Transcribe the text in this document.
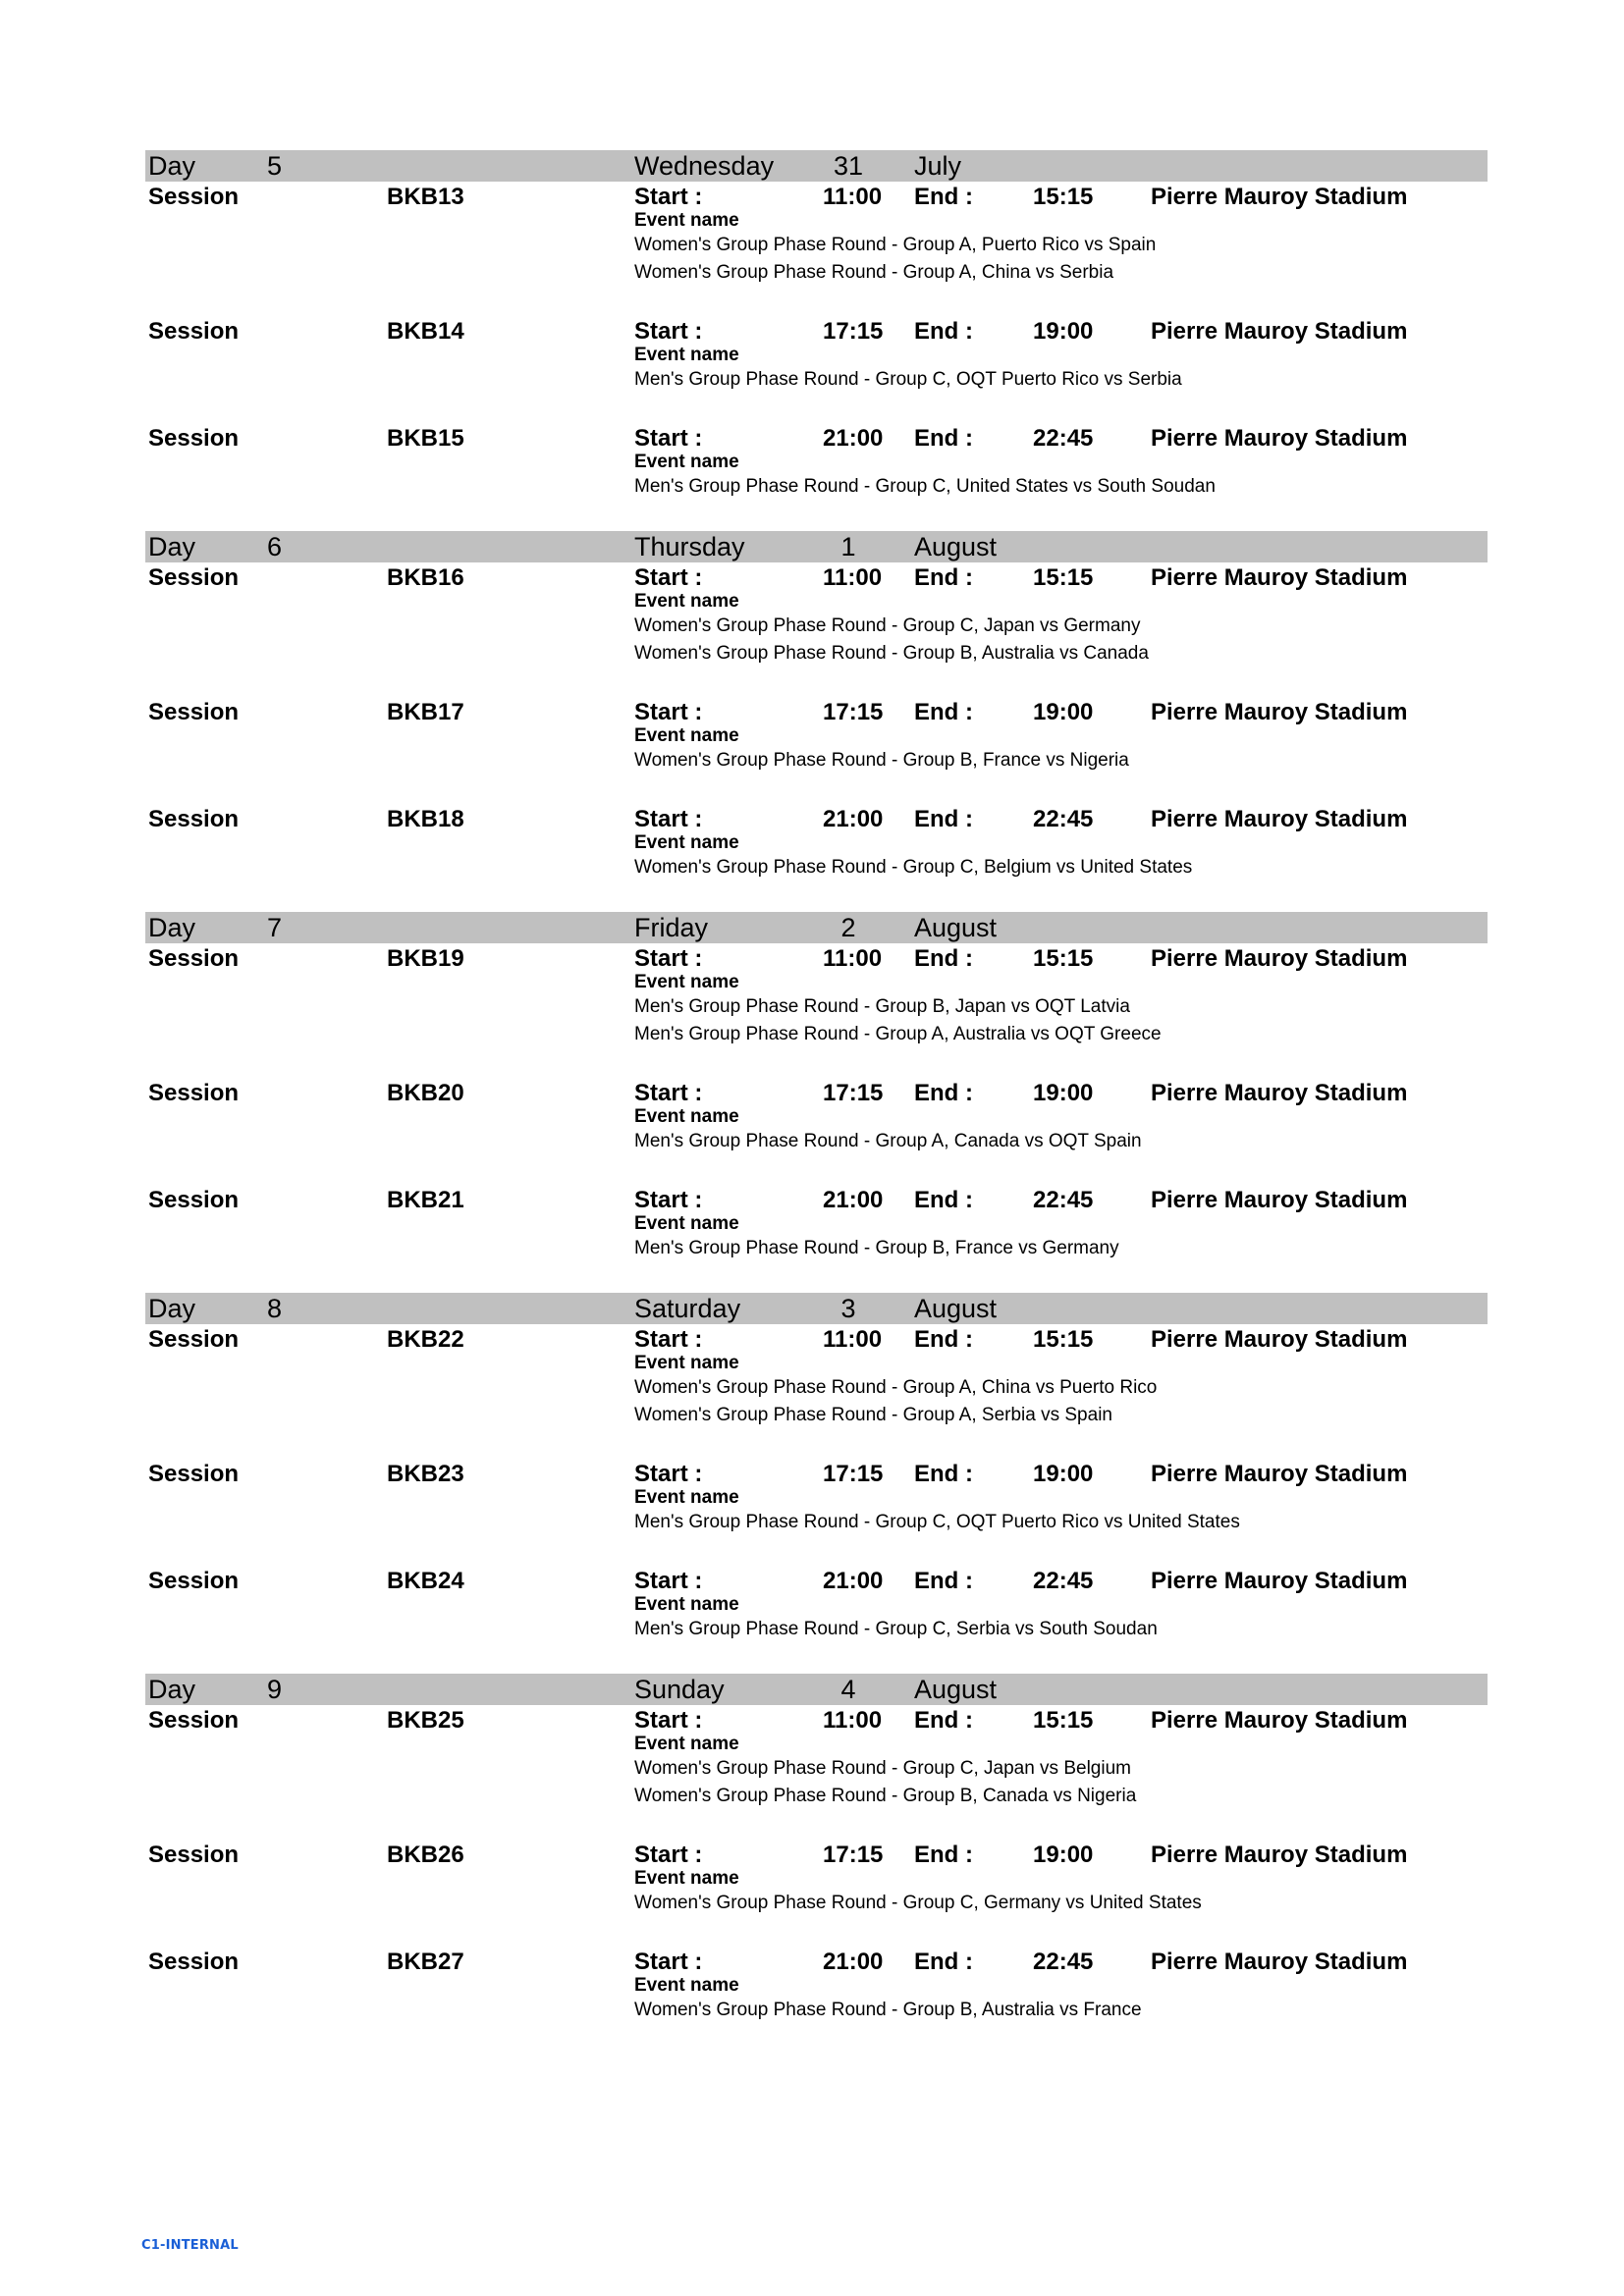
Day	5	Wednesday	31	July
Session	BKB13	Start :	11:00 End :	15:15 Pierre Mauroy Stadium
Event name
Women's Group Phase Round - Group A, Puerto Rico vs Spain
Women's Group Phase Round - Group A, China vs Serbia
Session	BKB14	Start :	17:15 End :	19:00 Pierre Mauroy Stadium
Event name
Men's Group Phase Round - Group C, OQT Puerto Rico vs Serbia
Session	BKB15	Start :	21:00 End :	22:45 Pierre Mauroy Stadium
Event name
Men's Group Phase Round - Group C, United States vs South Soudan
Day	6	Thursday	1	August
Session	BKB16	Start :	11:00 End :	15:15 Pierre Mauroy Stadium
Event name
Women's Group Phase Round - Group C, Japan vs Germany
Women's Group Phase Round - Group B, Australia vs Canada
Session	BKB17	Start :	17:15 End :	19:00 Pierre Mauroy Stadium
Event name
Women's Group Phase Round - Group B, France vs Nigeria
Session	BKB18	Start :	21:00 End :	22:45 Pierre Mauroy Stadium
Event name
Women's Group Phase Round - Group C, Belgium vs United States
Day	7	Friday	2	August
Session	BKB19	Start :	11:00 End :	15:15 Pierre Mauroy Stadium
Event name
Men's Group Phase Round - Group B, Japan vs OQT Latvia
Men's Group Phase Round - Group A, Australia vs OQT Greece
Session	BKB20	Start :	17:15 End :	19:00 Pierre Mauroy Stadium
Event name
Men's Group Phase Round - Group A, Canada vs OQT Spain
Session	BKB21	Start :	21:00 End :	22:45 Pierre Mauroy Stadium
Event name
Men's Group Phase Round - Group B, France vs Germany
Day	8	Saturday	3	August
Session	BKB22	Start :	11:00 End :	15:15 Pierre Mauroy Stadium
Event name
Women's Group Phase Round - Group A, China vs Puerto Rico
Women's Group Phase Round - Group A, Serbia vs Spain
Session	BKB23	Start :	17:15 End :	19:00 Pierre Mauroy Stadium
Event name
Men's Group Phase Round - Group C, OQT Puerto Rico vs United States
Session	BKB24	Start :	21:00 End :	22:45 Pierre Mauroy Stadium
Event name
Men's Group Phase Round - Group C, Serbia vs South Soudan
Day	9	Sunday	4	August
Session	BKB25	Start :	11:00 End :	15:15 Pierre Mauroy Stadium
Event name
Women's Group Phase Round - Group C, Japan vs Belgium
Women's Group Phase Round - Group B, Canada vs Nigeria
Session	BKB26	Start :	17:15 End :	19:00 Pierre Mauroy Stadium
Event name
Women's Group Phase Round - Group C, Germany vs United States
Session	BKB27	Start :	21:00 End :	22:45 Pierre Mauroy Stadium
Event name
Women's Group Phase Round - Group B, Australia vs France
C1-INTERNAL
